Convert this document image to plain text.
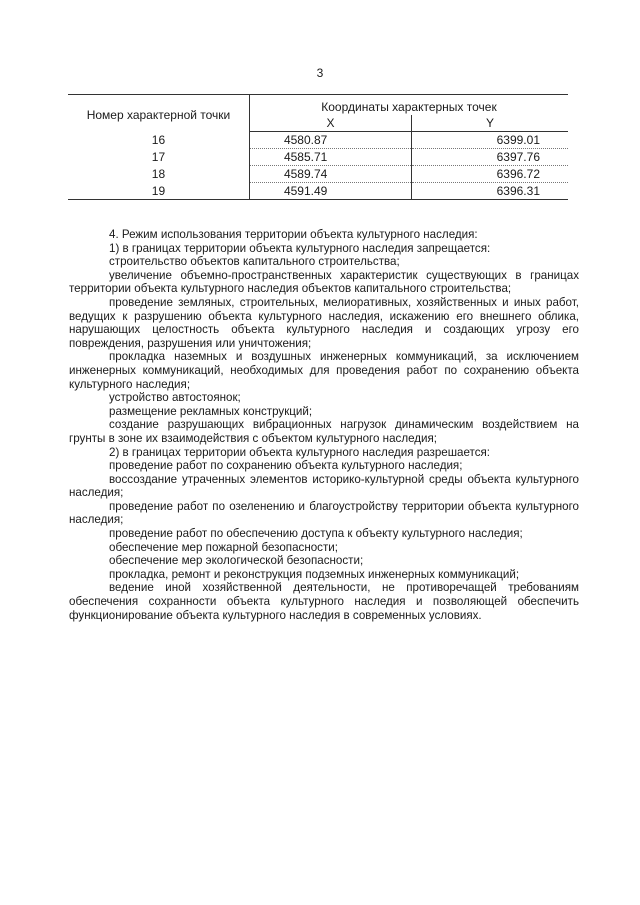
3
Номер характерной точки	Координаты характерных точек	
	X	Y
16	4580.87	6399.01
17	4585.71	6397.76
18	4589.74	6396.72
19	4591.49	6396.31

4. Режим использования территории объекта культурного наследия:

1) в границах территории объекта культурного наследия запрещается:

строительство объектов капитального строительства;

увеличение объемно-пространственных характеристик существующих в границах территории объекта культурного наследия объектов капитального строительства;

проведение земляных, строительных, мелиоративных, хозяйственных и иных работ, ведущих к разрушению объекта культурного наследия, искажению его внешнего облика, нарушающих целостность объекта культурного наследия и создающих угрозу его повреждения, разрушения или уничтожения;

прокладка наземных и воздушных инженерных коммуникаций, за исключением инженерных коммуникаций, необходимых для проведения работ по сохранению объекта культурного наследия;

устройство автостоянок;

размещение рекламных конструкций;

создание разрушающих вибрационных нагрузок динамическим воздействием на грунты в зоне их взаимодействия с объектом культурного наследия;

2) в границах территории объекта культурного наследия разрешается:

проведение работ по сохранению объекта культурного наследия;

воссоздание утраченных элементов историко-культурной среды объекта культурного наследия;

проведение работ по озеленению и благоустройству территории объекта культурного наследия;

проведение работ по обеспечению доступа к объекту культурного наследия;

обеспечение мер пожарной безопасности;

обеспечение мер экологической безопасности;

прокладка, ремонт и реконструкция подземных инженерных коммуникаций;

ведение иной хозяйственной деятельности, не противоречащей требованиям обеспечения сохранности объекта культурного наследия и позволяющей обеспечить функционирование объекта культурного наследия в современных условиях.
